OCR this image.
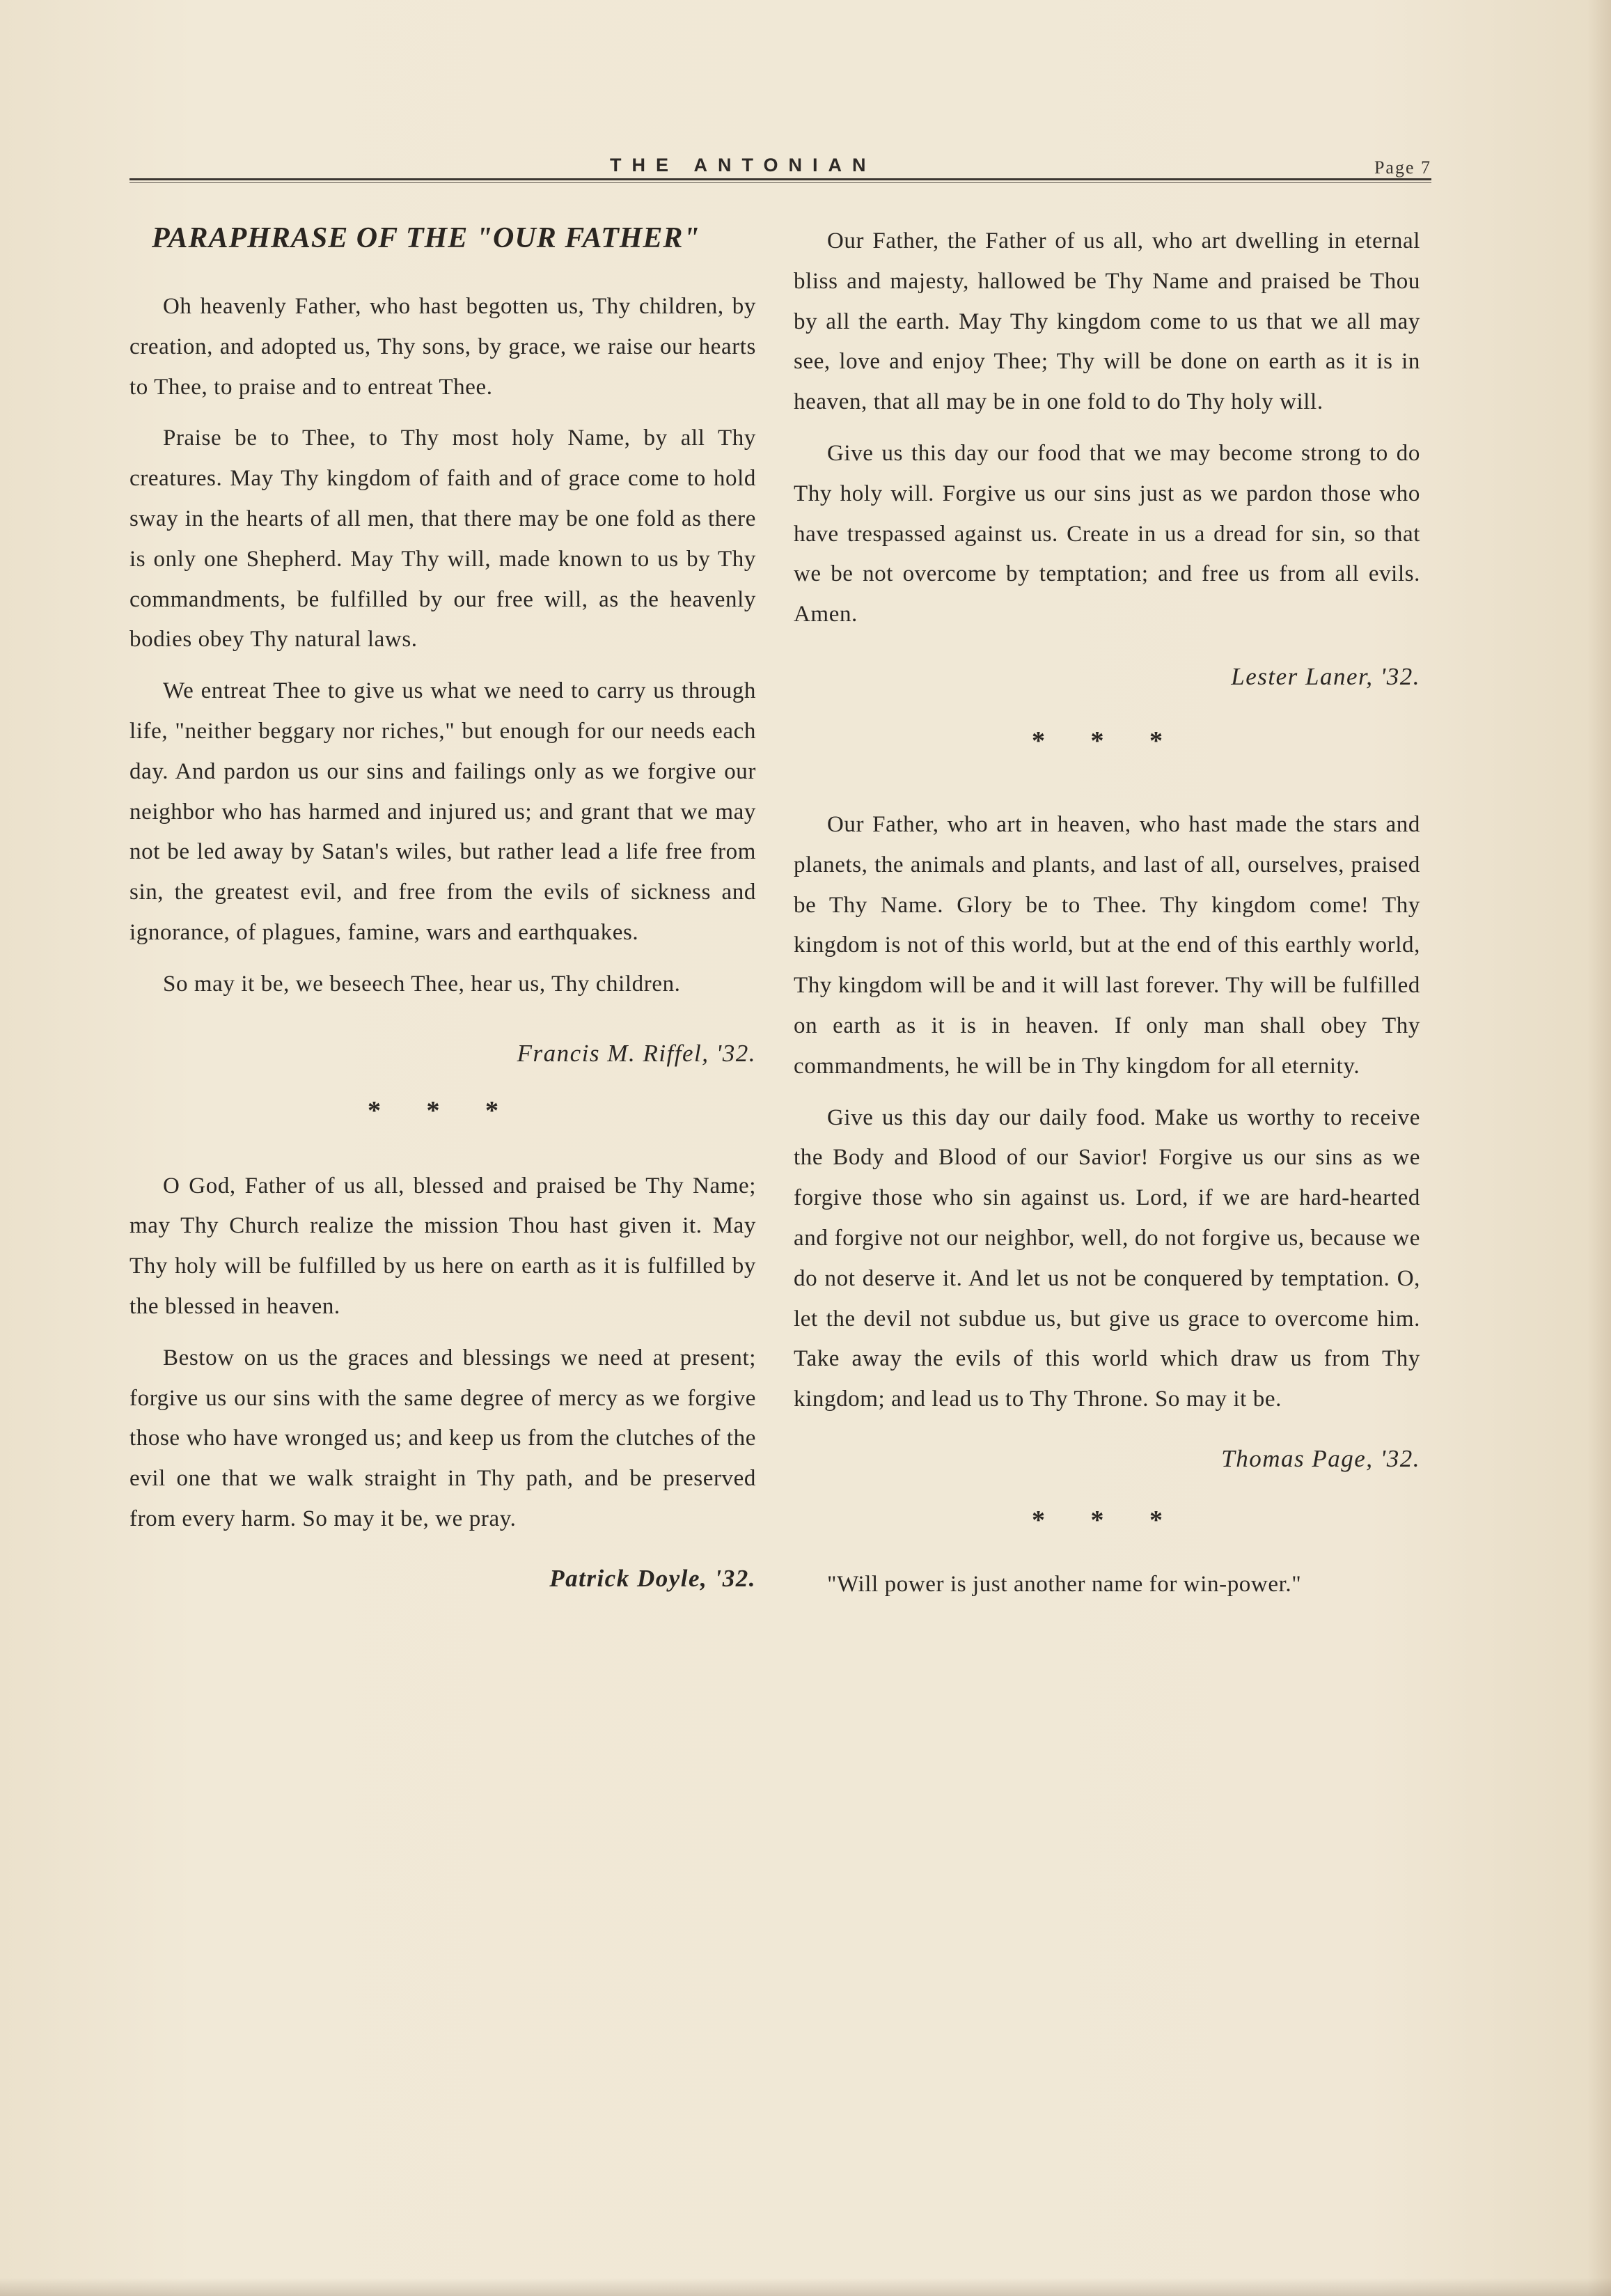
THE ANTONIAN	Page 7
PARAPHRASE OF THE "OUR FATHER"

Oh heavenly Father, who hast begotten us, Thy children, by creation, and adopted us, Thy sons, by grace, we raise our hearts to Thee, to praise and to entreat Thee.

Praise be to Thee, to Thy most holy Name, by all Thy creatures. May Thy kingdom of faith and of grace come to hold sway in the hearts of all men, that there may be one fold as there is only one Shepherd. May Thy will, made known to us by Thy commandments, be fulfilled by our free will, as the heavenly bodies obey Thy natural laws.

We entreat Thee to give us what we need to carry us through life, "neither beggary nor riches," but enough for our needs each day. And pardon us our sins and failings only as we forgive our neighbor who has harmed and injured us; and grant that we may not be led away by Satan's wiles, but rather lead a life free from sin, the greatest evil, and free from the evils of sickness and ignorance, of plagues, famine, wars and earthquakes.

So may it be, we beseech Thee, hear us, Thy children.

Francis M. Riffel, '32.

* * *

O God, Father of us all, blessed and praised be Thy Name; may Thy Church realize the mission Thou hast given it. May Thy holy will be fulfilled by us here on earth as it is fulfilled by the blessed in heaven.

Bestow on us the graces and blessings we need at present; forgive us our sins with the same degree of mercy as we forgive those who have wronged us; and keep us from the clutches of the evil one that we walk straight in Thy path, and be preserved from every harm. So may it be, we pray.

Patrick Doyle, '32.

Our Father, the Father of us all, who art dwelling in eternal bliss and majesty, hallowed be Thy Name and praised be Thou by all the earth. May Thy kingdom come to us that we all may see, love and enjoy Thee; Thy will be done on earth as it is in heaven, that all may be in one fold to do Thy holy will.

Give us this day our food that we may become strong to do Thy holy will. Forgive us our sins just as we pardon those who have trespassed against us. Create in us a dread for sin, so that we be not overcome by temptation; and free us from all evils. Amen.

Lester Laner, '32.

* * *

Our Father, who art in heaven, who hast made the stars and planets, the animals and plants, and last of all, ourselves, praised be Thy Name. Glory be to Thee. Thy kingdom come! Thy kingdom is not of this world, but at the end of this earthly world, Thy kingdom will be and it will last forever. Thy will be fulfilled on earth as it is in heaven. If only man shall obey Thy commandments, he will be in Thy kingdom for all eternity.

Give us this day our daily food. Make us worthy to receive the Body and Blood of our Savior! Forgive us our sins as we forgive those who sin against us. Lord, if we are hard-hearted and forgive not our neighbor, well, do not forgive us, because we do not deserve it. And let us not be conquered by temptation. O, let the devil not subdue us, but give us grace to overcome him. Take away the evils of this world which draw us from Thy kingdom; and lead us to Thy Throne. So may it be.

Thomas Page, '32.

* * *

"Will power is just another name for win-power."
